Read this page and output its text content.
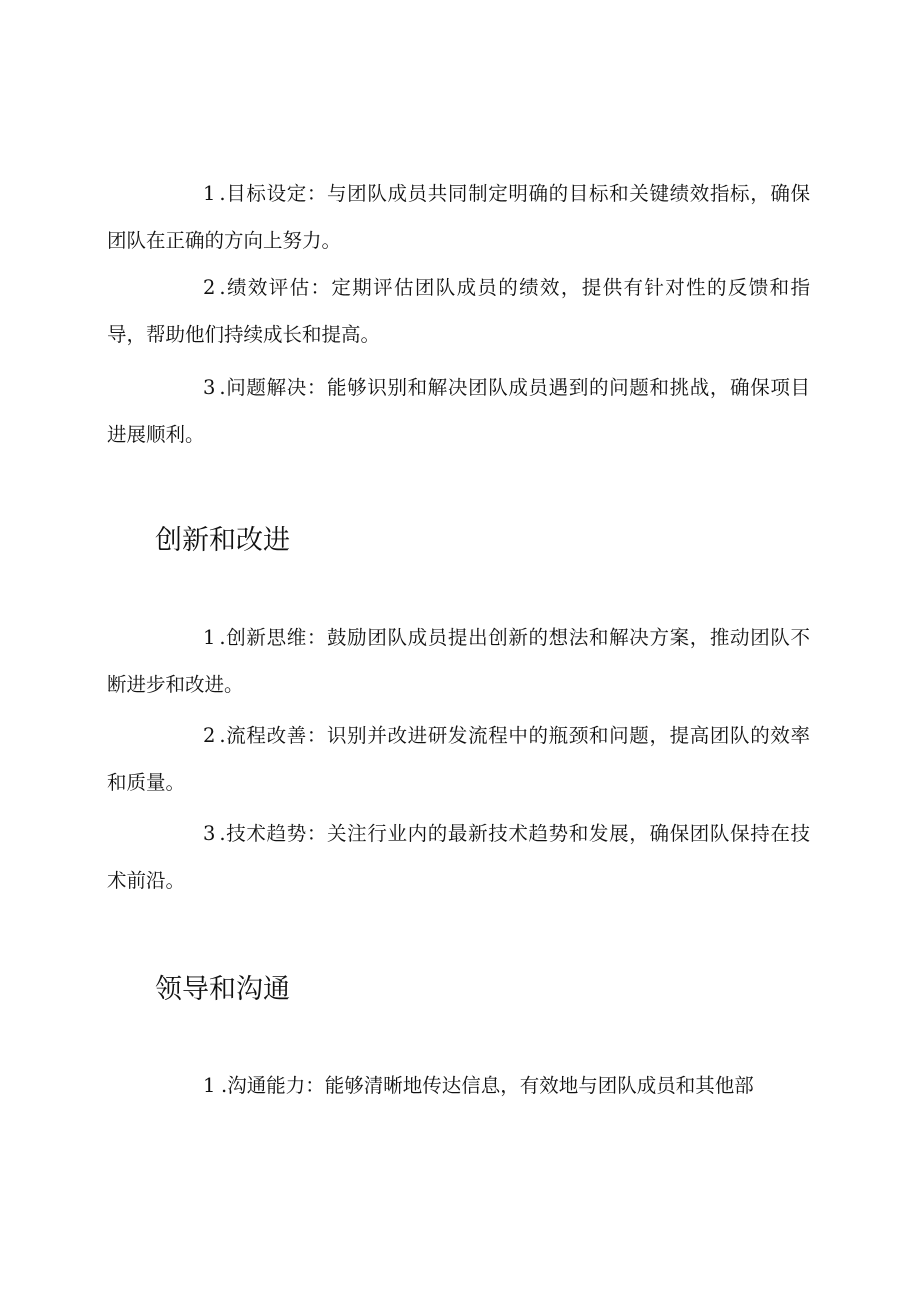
1 .目标设定：与团队成员共同制定明确的目标和关键绩效指标，确保团队在正确的方向上努力。

2 .绩效评估：定期评估团队成员的绩效，提供有针对性的反馈和指导，帮助他们持续成长和提高。

3 .问题解决：能够识别和解决团队成员遇到的问题和挑战，确保项目进展顺利。

创新和改进

1 .创新思维：鼓励团队成员提出创新的想法和解决方案，推动团队不断进步和改进。

2 .流程改善：识别并改进研发流程中的瓶颈和问题，提高团队的效率和质量。

3 .技术趋势：关注行业内的最新技术趋势和发展，确保团队保持在技术前沿。

领导和沟通

1 .沟通能力：能够清晰地传达信息，有效地与团队成员和其他部
